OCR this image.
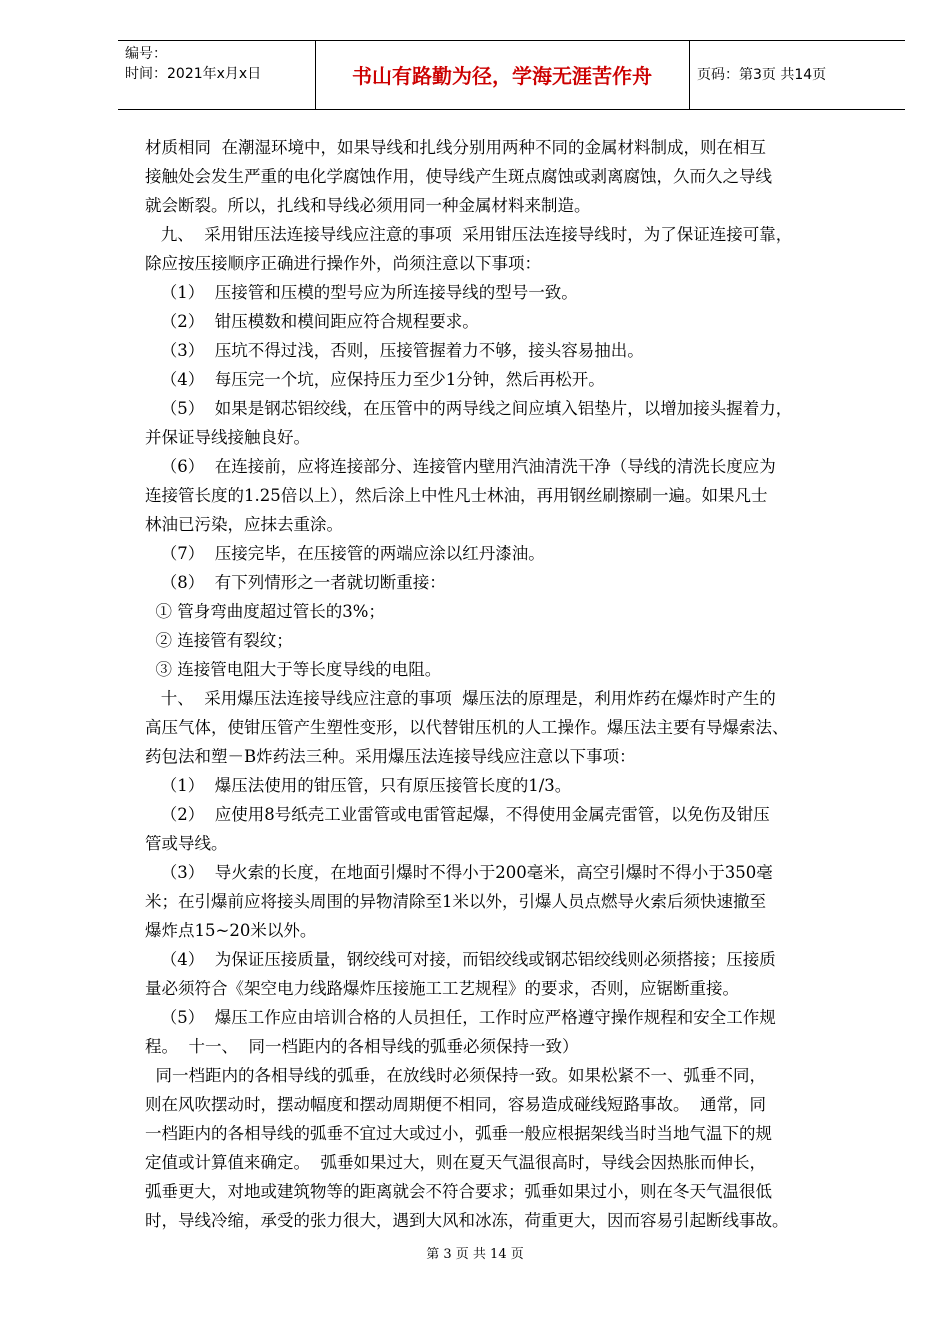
编号：
时间：2021年x月x日	书山有路勤为径，学海无涯苦作舟	页码：第3页 共14页
材质相同  在潮湿环境中，如果导线和扎线分别用两种不同的金属材料制成，则在相互
接触处会发生严重的电化学腐蚀作用，使导线产生斑点腐蚀或剥离腐蚀，久而久之导线
就会断裂。所以，扎线和导线必须用同一种金属材料来制造。
九、  采用钳压法连接导线应注意的事项  采用钳压法连接导线时，为了保证连接可靠，
除应按压接顺序正确进行操作外，尚须注意以下事项：
（1）  压接管和压模的型号应为所连接导线的型号一致。
（2）  钳压模数和模间距应符合规程要求。
（3）  压坑不得过浅，否则，压接管握着力不够，接头容易抽出。
（4）  每压完一个坑，应保持压力至少1分钟，然后再松开。
（5）  如果是钢芯铝绞线，在压管中的两导线之间应填入铝垫片，以增加接头握着力，
并保证导线接触良好。
（6）  在连接前，应将连接部分、连接管内壁用汽油清洗干净（导线的清洗长度应为
连接管长度的1.25倍以上），然后涂上中性凡士林油，再用钢丝刷擦刷一遍。如果凡士
林油已污染，应抹去重涂。
（7）  压接完毕，在压接管的两端应涂以红丹漆油。
（8）  有下列情形之一者就切断重接：
① 管身弯曲度超过管长的3%；
② 连接管有裂纹；
③ 连接管电阻大于等长度导线的电阻。
十、  采用爆压法连接导线应注意的事项  爆压法的原理是，利用炸药在爆炸时产生的
高压气体，使钳压管产生塑性变形，以代替钳压机的人工操作。爆压法主要有导爆索法、
药包法和塑－B炸药法三种。采用爆压法连接导线应注意以下事项：
（1）  爆压法使用的钳压管，只有原压接管长度的1/3。
（2）  应使用8号纸壳工业雷管或电雷管起爆，不得使用金属壳雷管，以免伤及钳压
管或导线。
（3）  导火索的长度，在地面引爆时不得小于200毫米，高空引爆时不得小于350毫
米；在引爆前应将接头周围的异物清除至1米以外，引爆人员点燃导火索后须快速撤至
爆炸点15~20米以外。
（4）  为保证压接质量，钢绞线可对接，而铝绞线或钢芯铝绞线则必须搭接；压接质
量必须符合《架空电力线路爆炸压接施工工艺规程》的要求，否则，应锯断重接。
（5）  爆压工作应由培训合格的人员担任，工作时应严格遵守操作规程和安全工作规
程。  十一、  同一档距内的各相导线的弧垂必须保持一致）
同一档距内的各相导线的弧垂，在放线时必须保持一致。如果松紧不一、弧垂不同，
则在风吹摆动时，摆动幅度和摆动周期便不相同，容易造成碰线短路事故。  通常，同
一档距内的各相导线的弧垂不宜过大或过小，弧垂一般应根据架线当时当地气温下的规
定值或计算值来确定。  弧垂如果过大，则在夏天气温很高时，导线会因热胀而伸长，
弧垂更大，对地或建筑物等的距离就会不符合要求；弧垂如果过小，则在冬天气温很低
时，导线冷缩，承受的张力很大，遇到大风和冰冻，荷重更大，因而容易引起断线事故。
第 3 页 共 14 页
